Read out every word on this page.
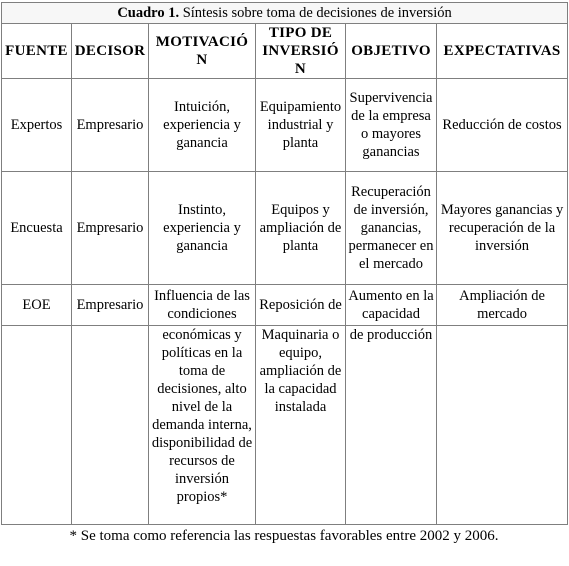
Cuadro 1. Síntesis sobre toma de decisiones de inversión					
FUENTE	DECISOR	MOTIVACIÓN	TIPO DE INVERSIÓN	OBJETIVO	EXPECTATIVAS
Expertos	Empresario	Intuición, experiencia y ganancia	Equipamiento industrial y planta	Supervivencia de la empresa o mayores ganancias	Reducción de costos
Encuesta	Empresario	Instinto, experiencia y ganancia	Equipos y ampliación de planta	Recuperación de inversión, ganancias, permanecer en el mercado	Mayores ganancias y recuperación de la inversión
EOE	Empresario	Influencia de las condiciones	Reposición de	Aumento en la capacidad	Ampliación de mercado
		económicas y políticas en la toma de decisiones, alto nivel de la demanda interna, disponibilidad de recursos de inversión propios*	Maquinaria o equipo, ampliación de la capacidad instalada	de producción	
* Se toma como referencia las respuestas favorables entre 2002 y 2006.
